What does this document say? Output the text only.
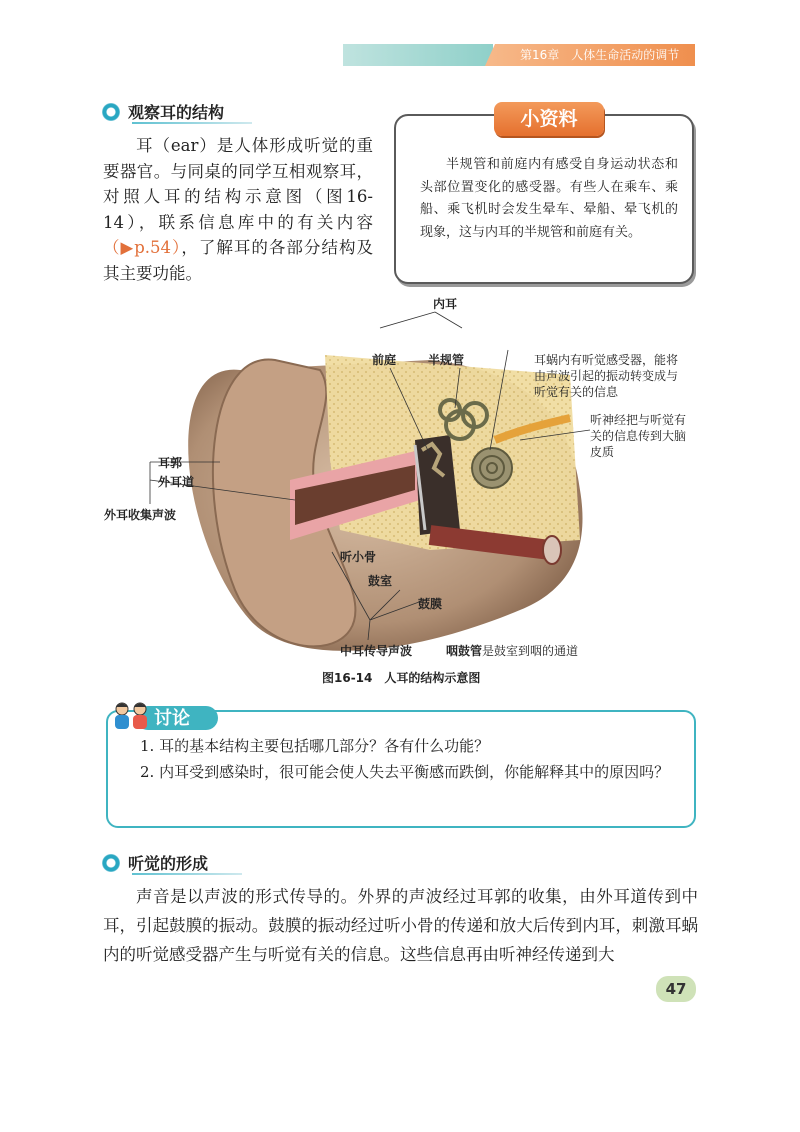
第16章 人体生命活动的调节
观察耳的结构
耳（ear）是人体形成听觉的重要器官。与同桌的同学互相观察耳，对照人耳的结构示意图（图16-14），联系信息库中的有关内容（▶p.54），了解耳的各部分结构及其主要功能。
小资料
半规管和前庭内有感受自身运动状态和头部位置变化的感受器。有些人在乘车、乘船、乘飞机时会发生晕车、晕船、晕飞机的现象，这与内耳的半规管和前庭有关。
内耳
前庭	半规管	耳蜗内有听觉感受器，能将由声波引起的振动转变成与听觉有关的信息
听神经把与听觉有关的信息传到大脑皮质
耳郭
外耳道
外耳收集声波
听小骨
鼓室
鼓膜
中耳传导声波	咽鼓管是鼓室到咽的通道
图16-14 人耳的结构示意图
讨论
1. 耳的基本结构主要包括哪几部分？各有什么功能？
2. 内耳受到感染时，很可能会使人失去平衡感而跌倒，你能解释其中的原因吗？
听觉的形成
声音是以声波的形式传导的。外界的声波经过耳郭的收集，由外耳道传到中耳，引起鼓膜的振动。鼓膜的振动经过听小骨的传递和放大后传到内耳，刺激耳蜗内的听觉感受器产生与听觉有关的信息。这些信息再由听神经传递到大
47
